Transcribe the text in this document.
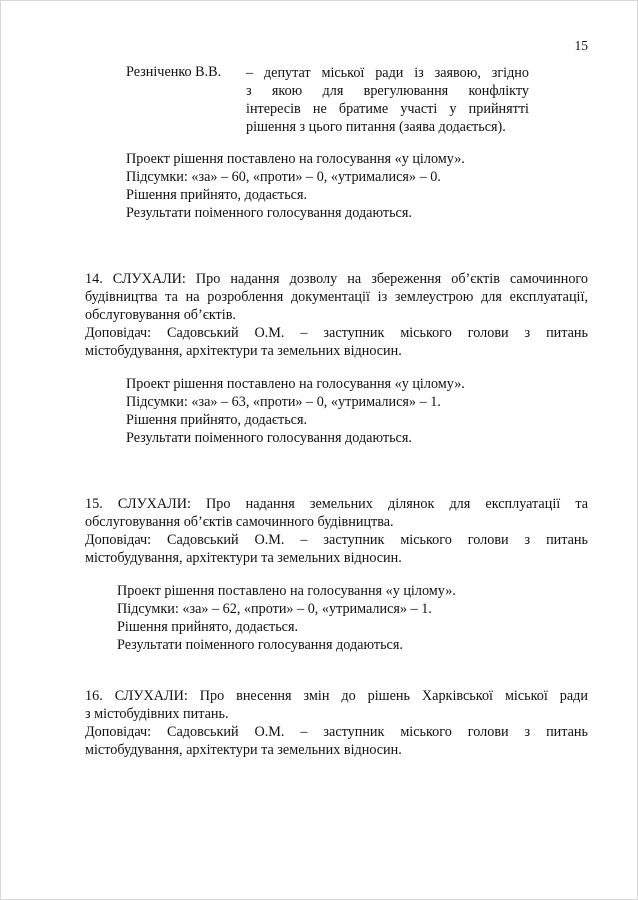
15
Резніченко В.В. – депутат міської ради із заявою, згідно
з якою для врегулювання конфлікту
інтересів не братиме участі у прийнятті
рішення з цього питання (заява додається).
Проект рішення поставлено на голосування «у цілому».
Підсумки: «за» – 60, «проти» – 0, «утрималися» – 0.
Рішення прийнято, додається.
Результати поіменного голосування додаються.
14. СЛУХАЛИ: Про надання дозволу на збереження об’єктів самочинного
будівництва та на розроблення документації із землеустрою для експлуатації,
обслуговування об’єктів.
Доповідач: Садовський О.М. – заступник міського голови з питань
містобудування, архітектури та земельних відносин.
Проект рішення поставлено на голосування «у цілому».
Підсумки: «за» – 63, «проти» – 0, «утрималися» – 1.
Рішення прийнято, додається.
Результати поіменного голосування додаються.
15. СЛУХАЛИ: Про надання земельних ділянок для експлуатації та
обслуговування об’єктів самочинного будівництва.
Доповідач: Садовський О.М. – заступник міського голови з питань
містобудування, архітектури та земельних відносин.
Проект рішення поставлено на голосування «у цілому».
Підсумки: «за» – 62, «проти» – 0, «утрималися» – 1.
Рішення прийнято, додається.
Результати поіменного голосування додаються.
16. СЛУХАЛИ: Про внесення змін до рішень Харківської міської ради
з містобудівних питань.
Доповідач: Садовський О.М. – заступник міського голови з питань
містобудування, архітектури та земельних відносин.
